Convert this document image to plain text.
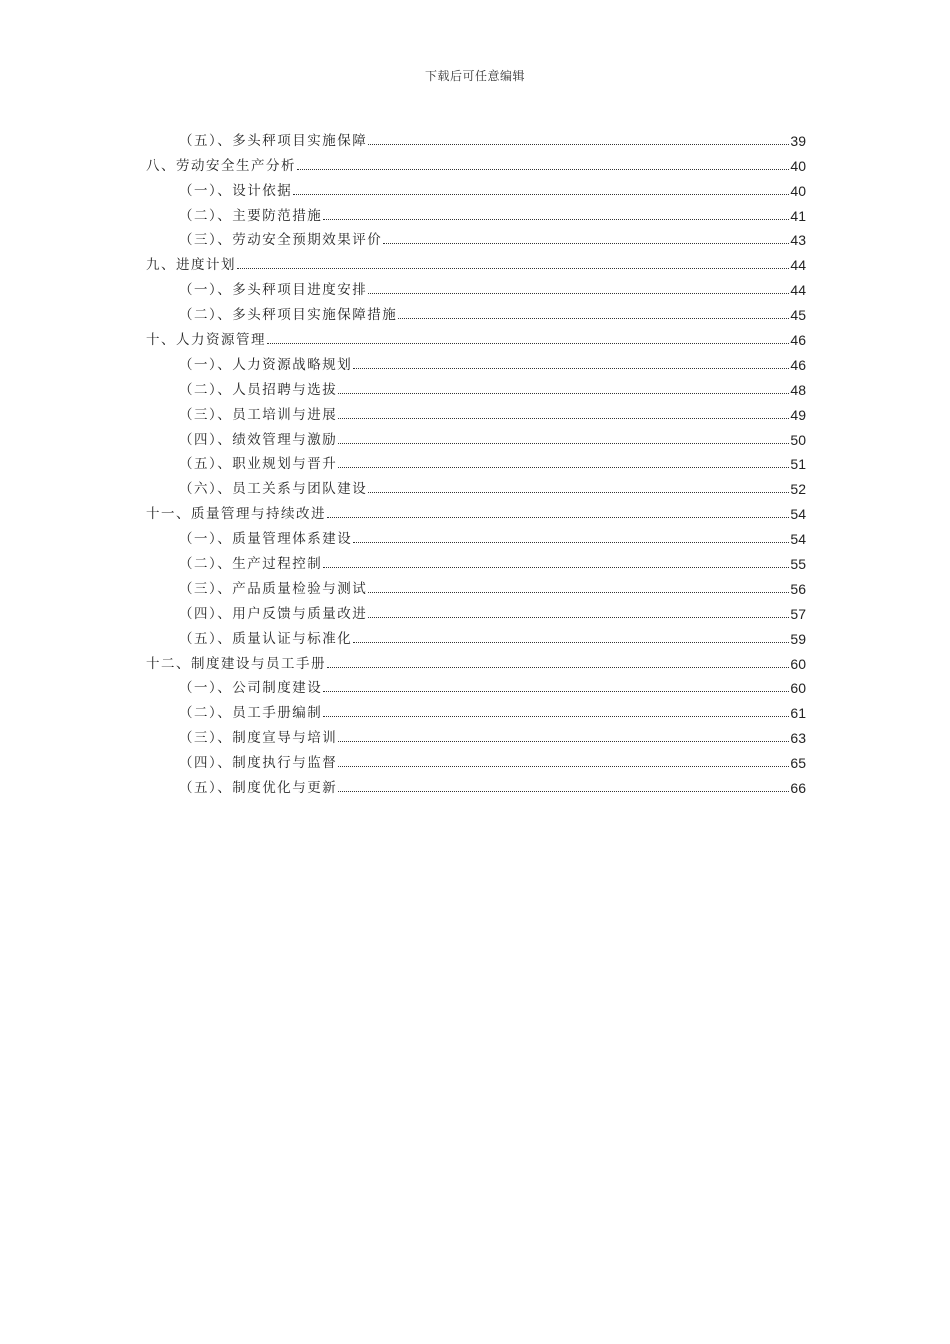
下载后可任意编辑
（五）、多头秤项目实施保障	39
八、劳动安全生产分析	40
（一）、设计依据	40
（二）、主要防范措施	41
（三）、劳动安全预期效果评价	43
九、进度计划	44
（一）、多头秤项目进度安排	44
（二）、多头秤项目实施保障措施	45
十、人力资源管理	46
（一）、人力资源战略规划	46
（二）、人员招聘与选拔	48
（三）、员工培训与进展	49
（四）、绩效管理与激励	50
（五）、职业规划与晋升	51
（六）、员工关系与团队建设	52
十一、质量管理与持续改进	54
（一）、质量管理体系建设	54
（二）、生产过程控制	55
（三）、产品质量检验与测试	56
（四）、用户反馈与质量改进	57
（五）、质量认证与标准化	59
十二、制度建设与员工手册	60
（一）、公司制度建设	60
（二）、员工手册编制	61
（三）、制度宣导与培训	63
（四）、制度执行与监督	65
（五）、制度优化与更新	66
